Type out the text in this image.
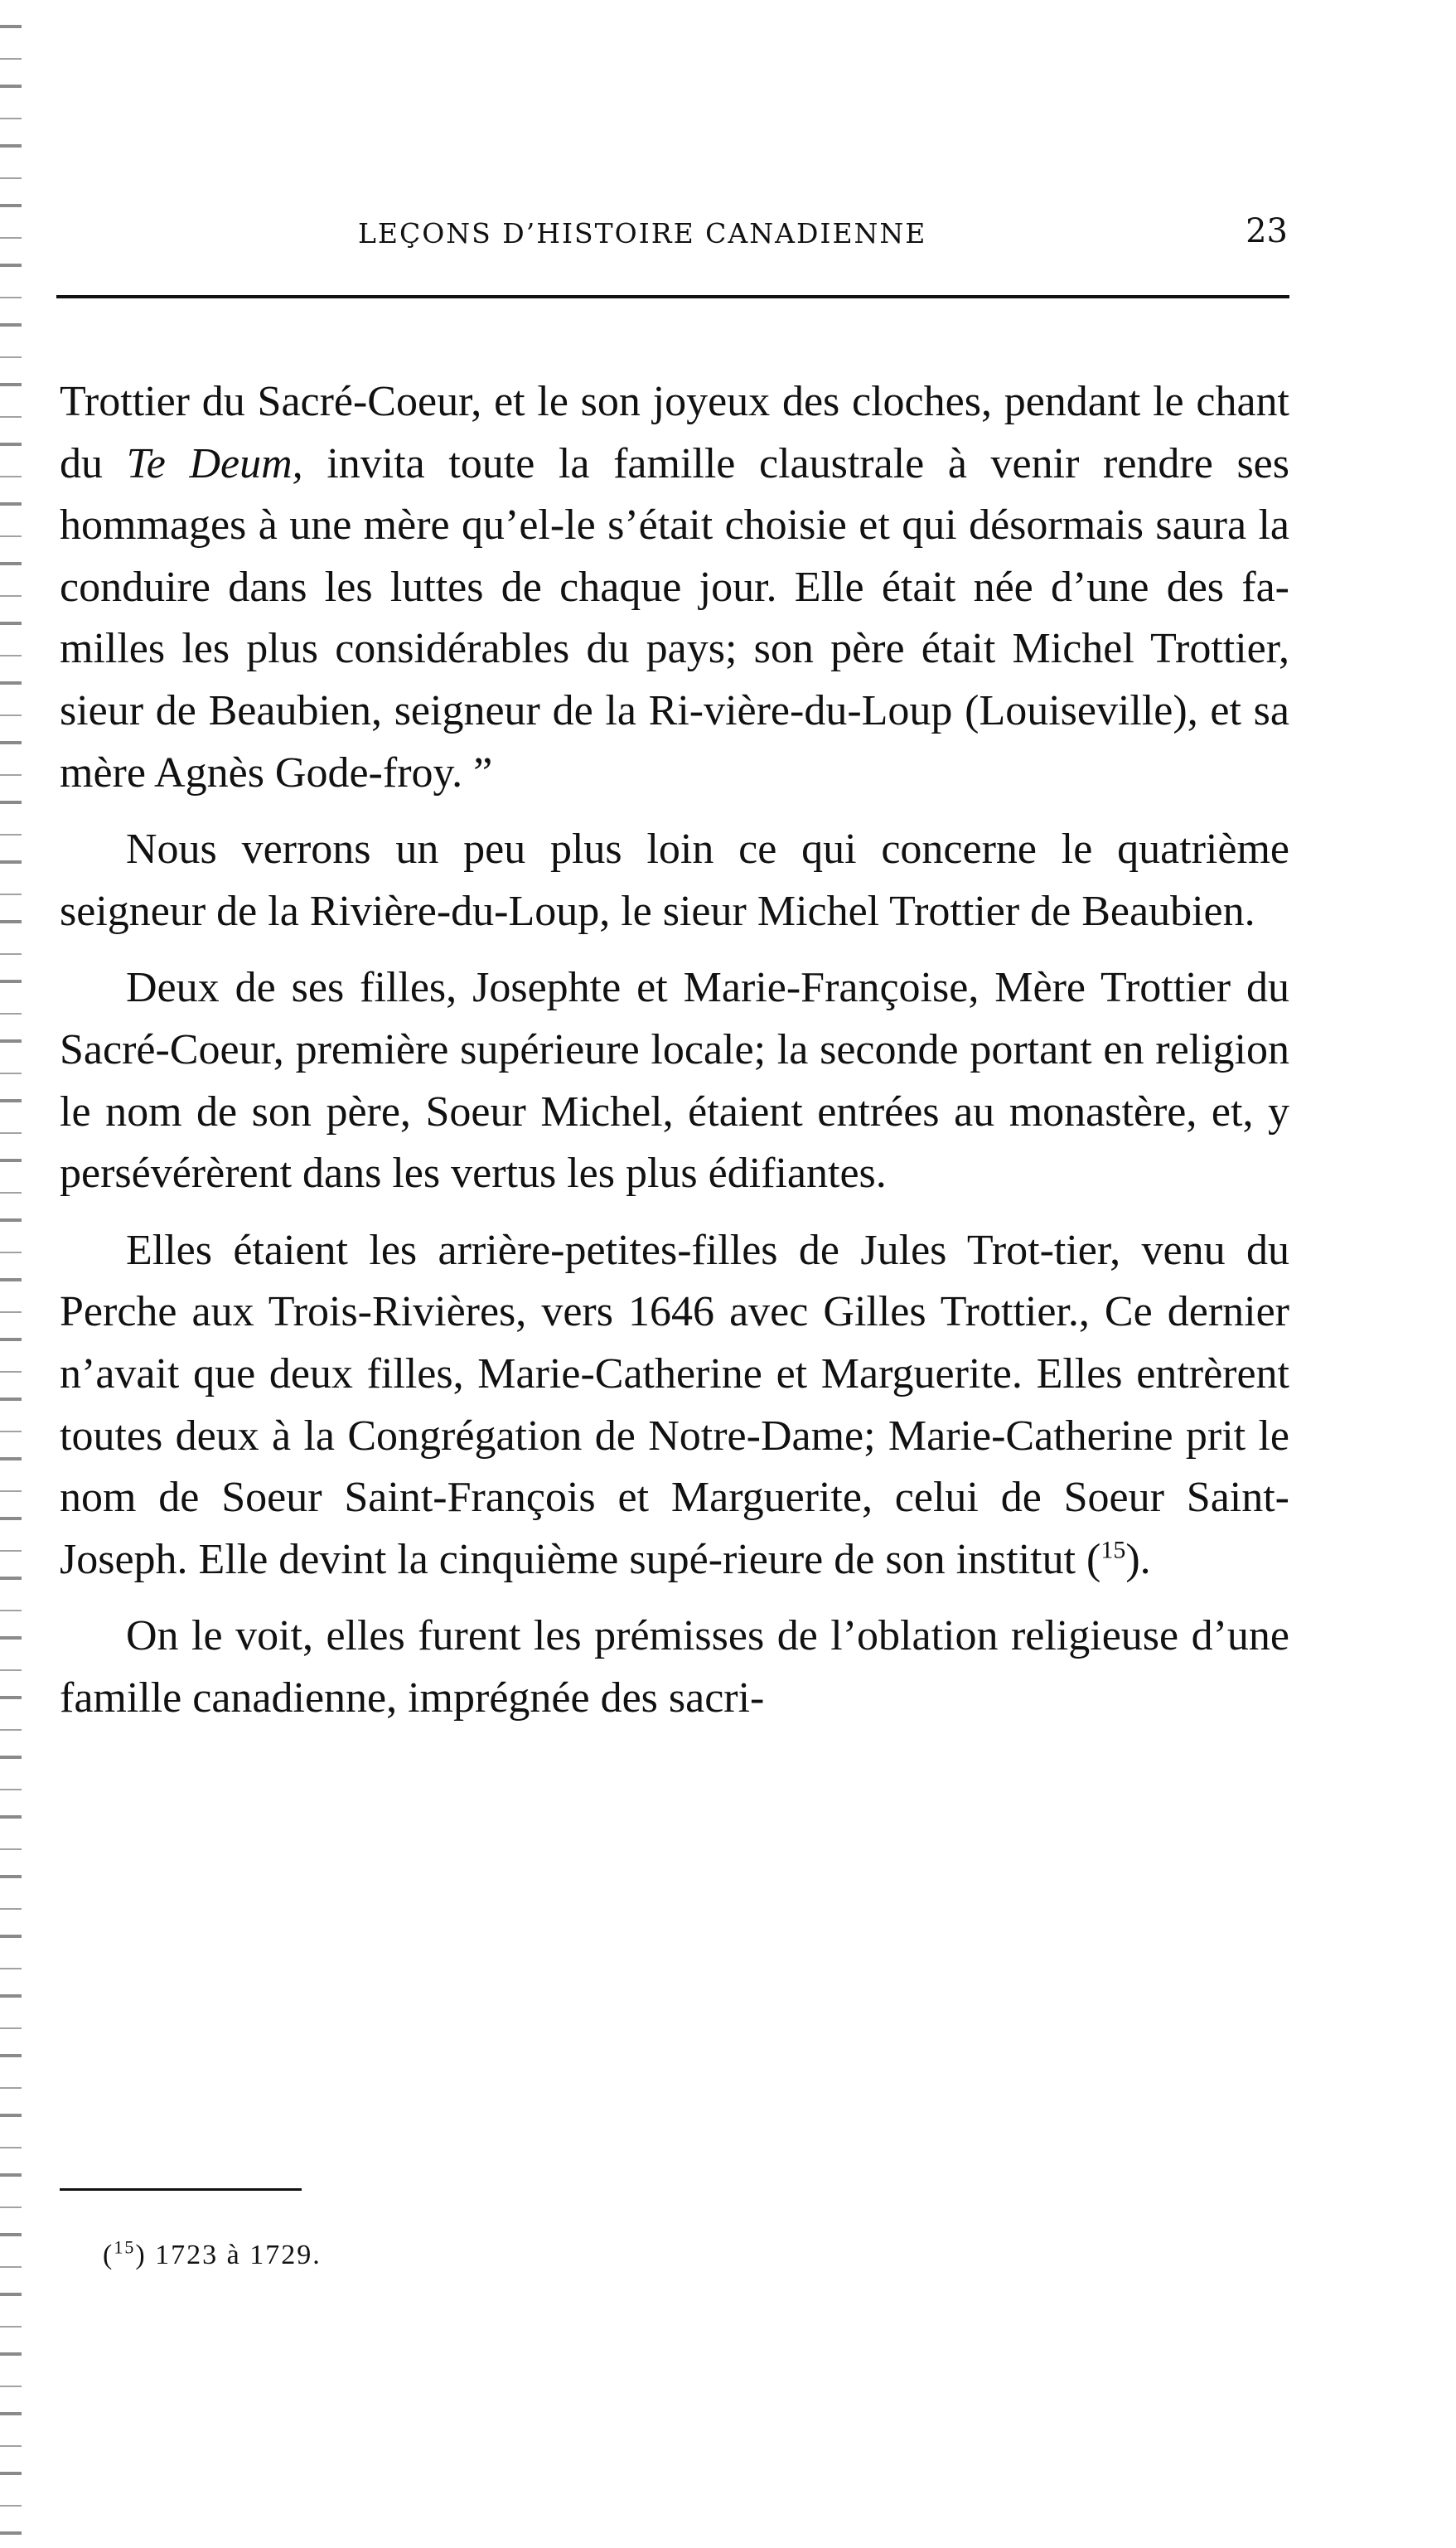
LEÇONS D’HISTOIRE CANADIENNE	23

Trottier du Sacré-Coeur, et le son joyeux des cloches, pendant le chant du Te Deum, invita toute la famille claustrale à venir rendre ses hommages à une mère qu’el-le s’était choisie et qui désormais saura la conduire dans les luttes de chaque jour. Elle était née d’une des fa-milles les plus considérables du pays; son père était Michel Trottier, sieur de Beaubien, seigneur de la Ri-vière-du-Loup (Louiseville), et sa mère Agnès Gode-froy. ”

Nous verrons un peu plus loin ce qui concerne le quatrième seigneur de la Rivière-du-Loup, le sieur Michel Trottier de Beaubien.

Deux de ses filles, Josephte et Marie-Françoise, Mère Trottier du Sacré-Coeur, première supérieure locale; la seconde portant en religion le nom de son père, Soeur Michel, étaient entrées au monastère, et, y persévérèrent dans les vertus les plus édifiantes.

Elles étaient les arrière-petites-filles de Jules Trot-tier, venu du Perche aux Trois-Rivières, vers 1646 avec Gilles Trottier., Ce dernier n’avait que deux filles, Marie-Catherine et Marguerite. Elles entrèrent toutes deux à la Congrégation de Notre-Dame; Marie-Catherine prit le nom de Soeur Saint-François et Marguerite, celui de Soeur Saint-Joseph. Elle devint la cinquième supé-rieure de son institut ($^{15}$).

On le voit, elles furent les prémisses de l’oblation religieuse d’une famille canadienne, imprégnée des sacri-

($^{15}$) 1723 à 1729.
